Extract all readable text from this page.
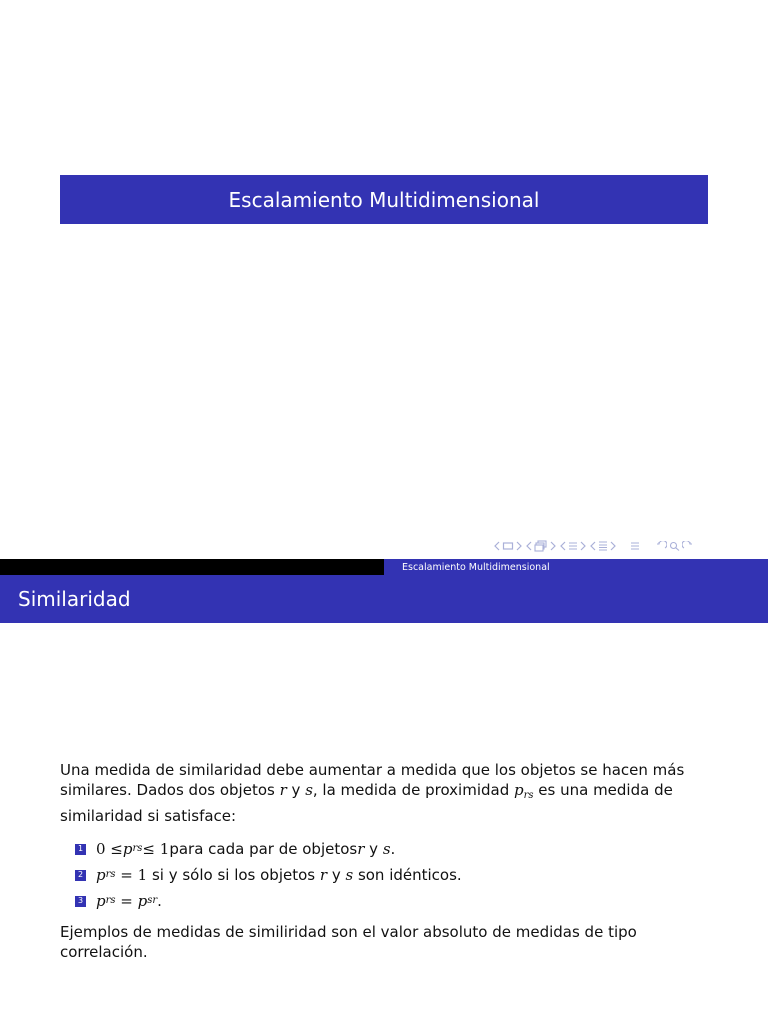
Escalamiento Multidimensional
Escalamiento Multidimensional
Similaridad

Una medida de similaridad debe aumentar a medida que los objetos se hacen más similares. Dados dos objetos r y s, la medida de proximidad $p_{rs}$ es una medida de similaridad si satisface:

1 0 ≤ p rs ≤ 1 para cada par de objetos r y s .
2 p rs = 1 si y sólo si los objetos r y s son idénticos.
3 p rs = p sr .

Ejemplos de medidas de similiridad son el valor absoluto de medidas de tipo correlación.
